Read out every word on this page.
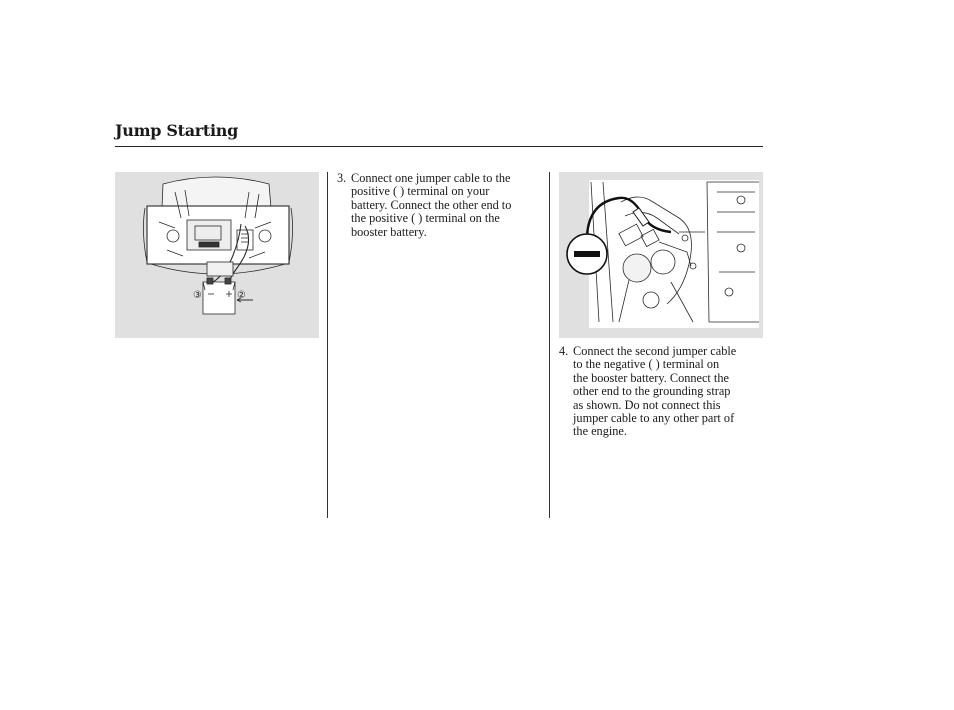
Jump Starting
③	②
3. Connect one jumper cable to the
positive ( ) terminal on your
battery. Connect the other end to
the positive ( ) terminal on the
booster battery.
4. Connect the second jumper cable
to the negative ( ) terminal on
the booster battery. Connect the
other end to the grounding strap
as shown. Do not connect this
jumper cable to any other part of
the engine.
